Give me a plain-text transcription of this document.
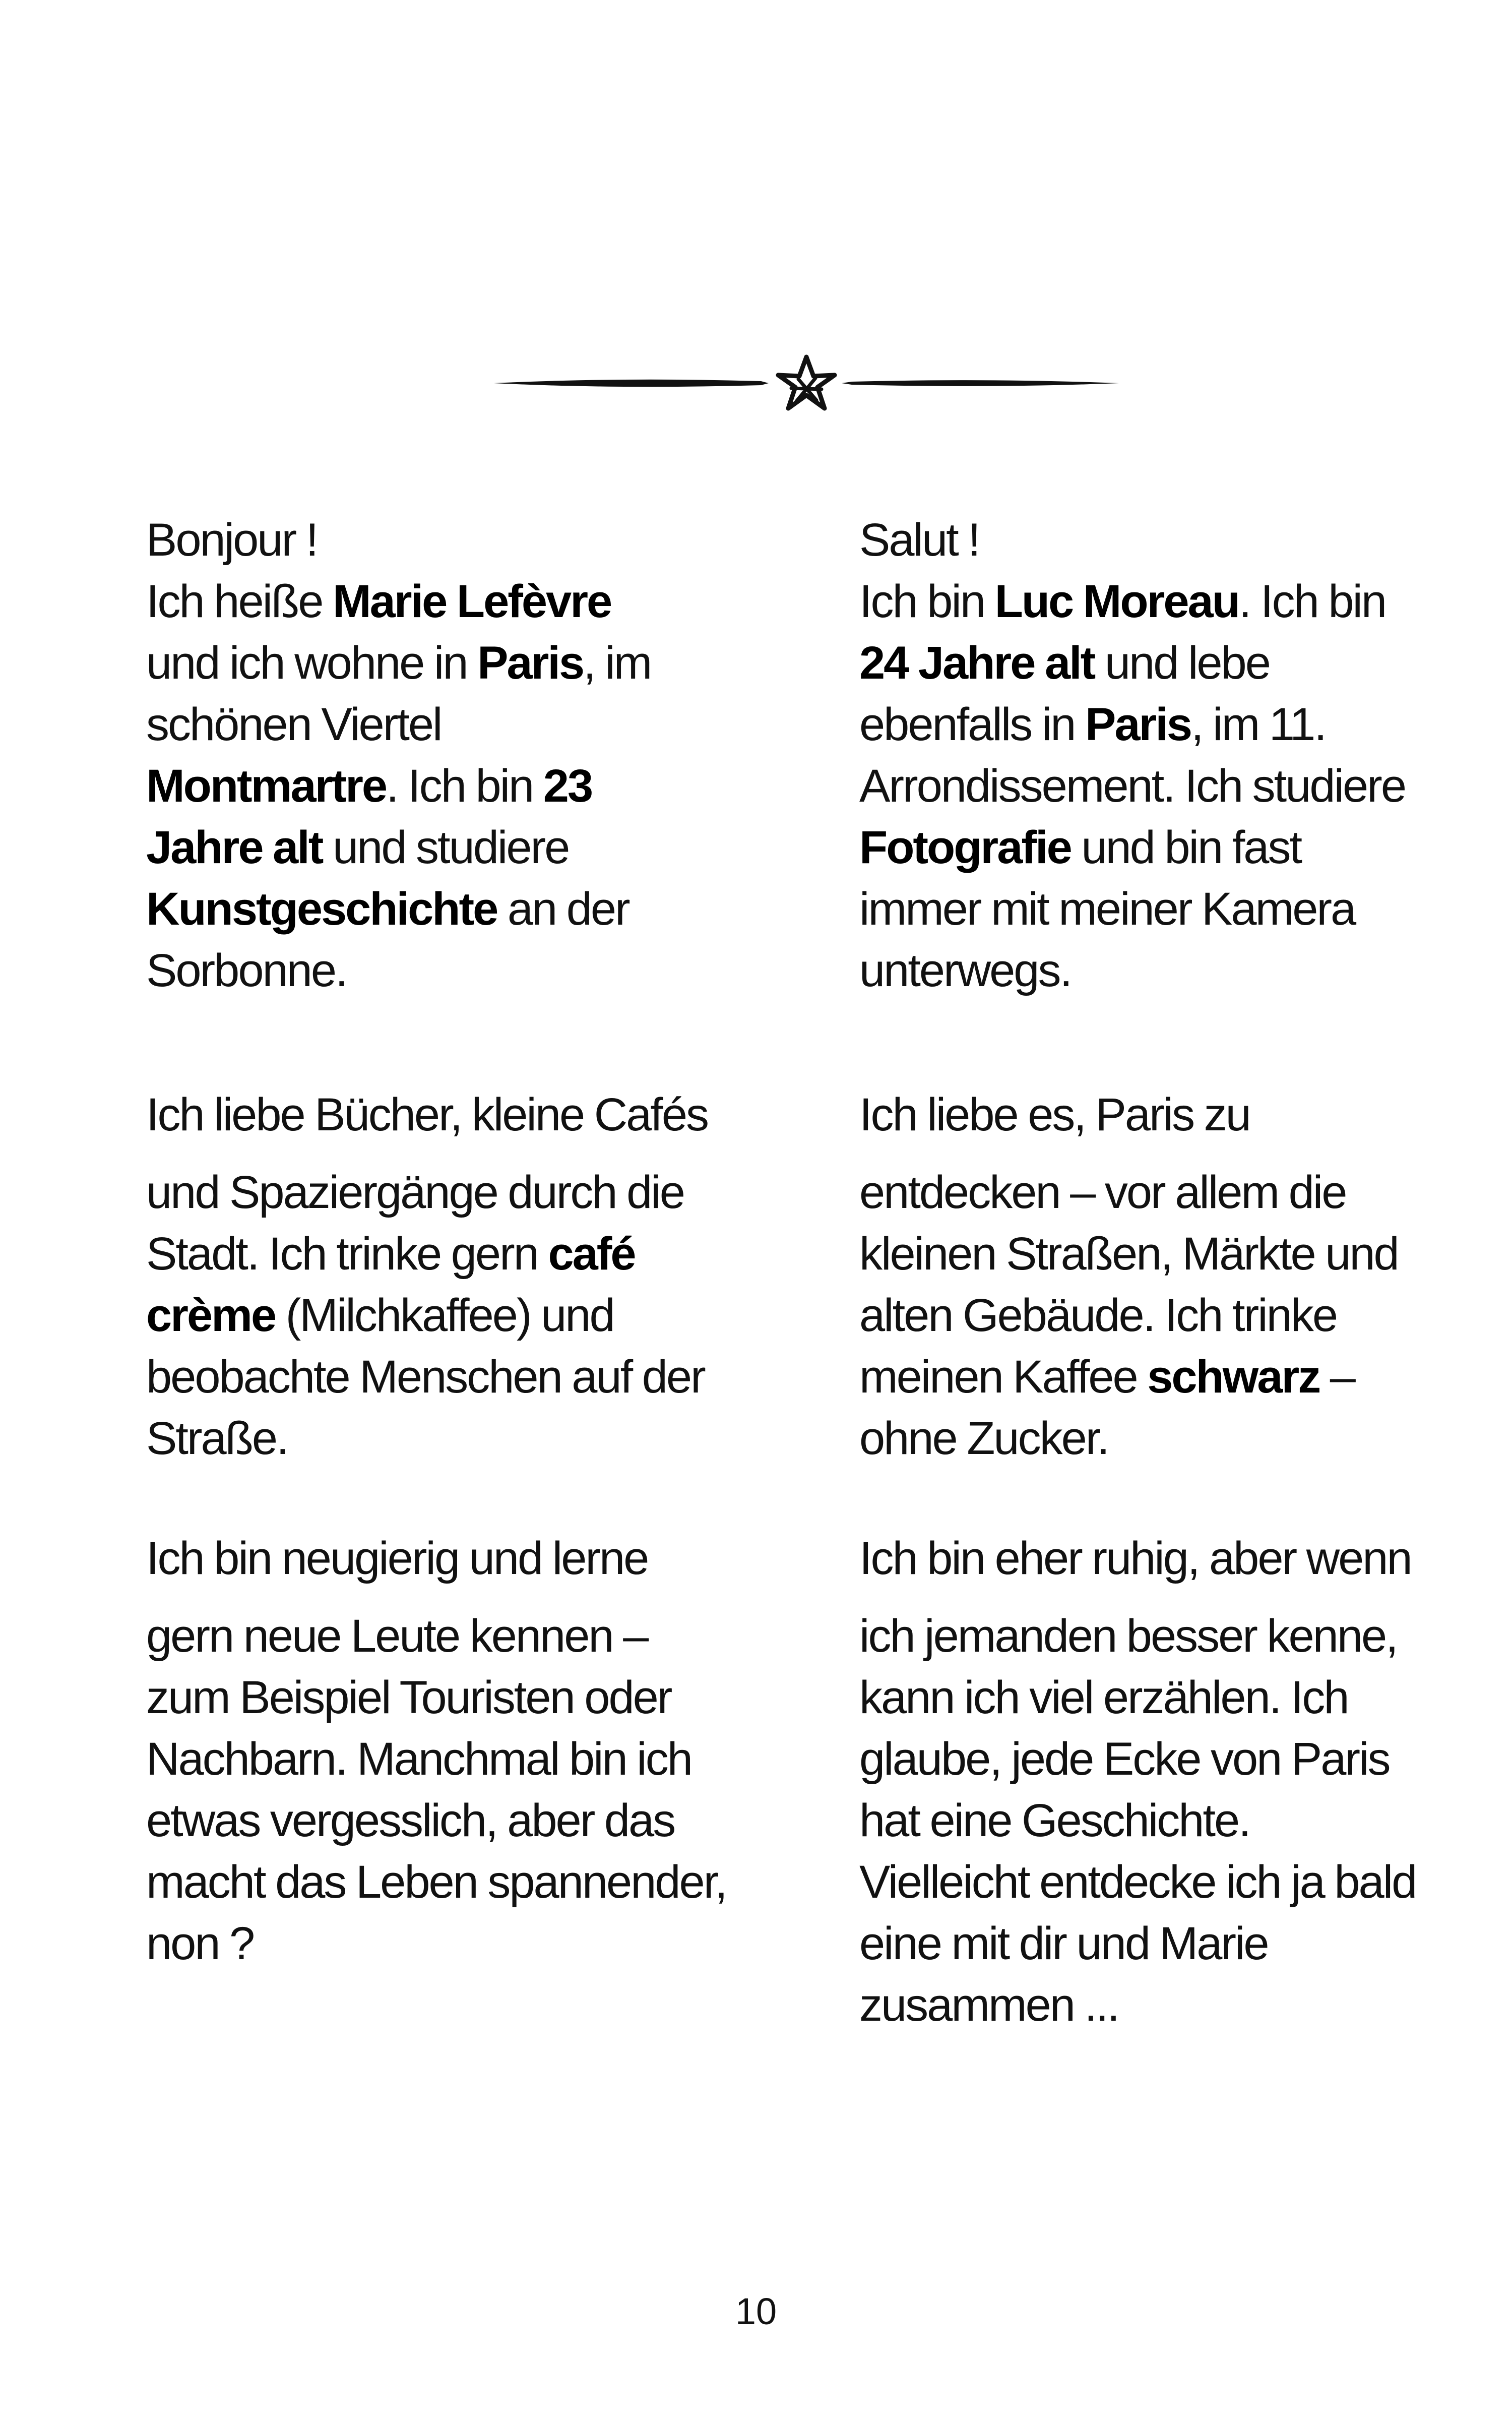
Bonjour !
Ich heiße Marie Lefèvre
und ich wohne in Paris, im
schönen Viertel
Montmartre. Ich bin 23
Jahre alt und studiere
Kunstgeschichte an der
Sorbonne.

Ich liebe Bücher, kleine Cafés
und Spaziergänge durch die
Stadt. Ich trinke gern café
crème (Milchkaffee) und
beobachte Menschen auf der
Straße.

Ich bin neugierig und lerne
gern neue Leute kennen –
zum Beispiel Touristen oder
Nachbarn. Manchmal bin ich
etwas vergesslich, aber das
macht das Leben spannender,
non ?

Salut !
Ich bin Luc Moreau. Ich bin
24 Jahre alt und lebe
ebenfalls in Paris, im 11.
Arrondissement. Ich studiere
Fotografie und bin fast
immer mit meiner Kamera
unterwegs.

Ich liebe es, Paris zu
entdecken – vor allem die
kleinen Straßen, Märkte und
alten Gebäude. Ich trinke
meinen Kaffee schwarz –
ohne Zucker.

Ich bin eher ruhig, aber wenn
ich jemanden besser kenne,
kann ich viel erzählen. Ich
glaube, jede Ecke von Paris
hat eine Geschichte.
Vielleicht entdecke ich ja bald
eine mit dir und Marie
zusammen ...

10
